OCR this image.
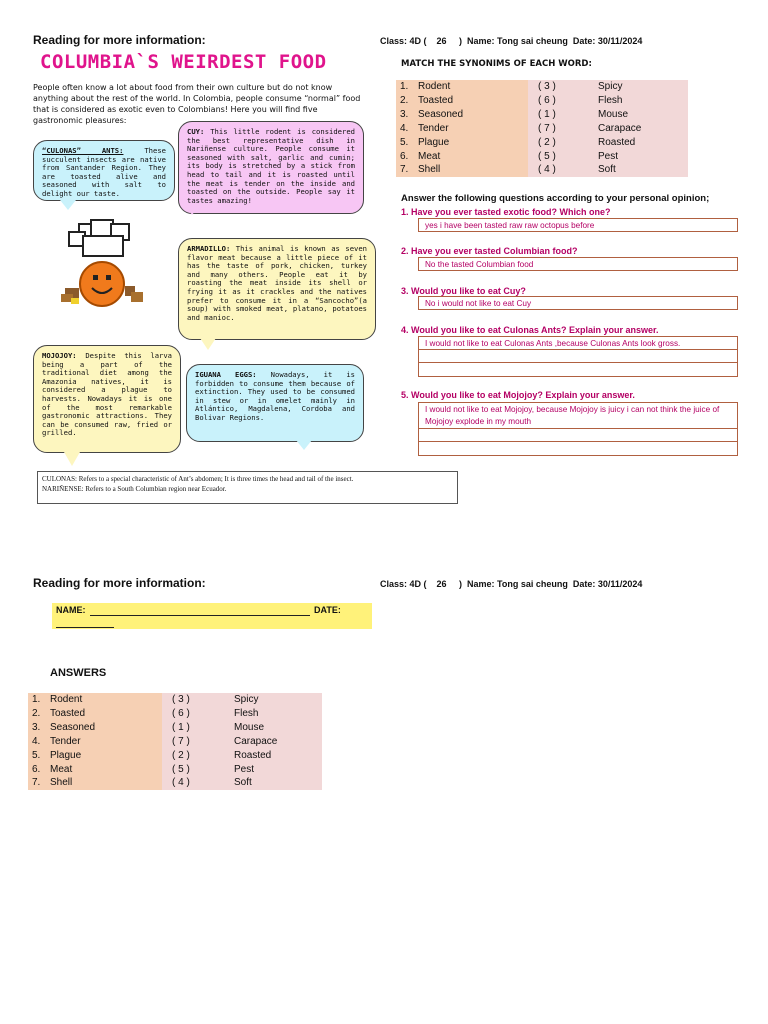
Reading for more information:	Class: 4D (    26     )  Name: Tong sai cheung  Date: 30/11/2024
COLUMBIA`S WEIRDEST FOOD
People often know a lot about food from their own culture but do not know anything about the rest of the world. In Colombia, people consume “normal” food that is considered as exotic even to Colombians! Here you will find five gastronomic pleasures:
“CULONAS” ANTS:	These succulent insects are native from Santander Region. They are toasted alive and seasoned with salt to delight our taste.
CUY: This little rodent is considered the best representative dish in Nariñense culture. People consume it seasoned with salt, garlic and cumin; its body is stretched by a stick from head to tail and it is roasted until the meat is tender on the inside and toasted on the outside. People say it tastes amazing!
ARMADILLO: This animal is known as seven flavor meat because a little piece of it has the taste of pork, chicken, turkey and many others. People eat it by roasting the meat inside its shell or frying it as it crackles and the natives prefer to consume it in a “Sancocho”(a soup) with smoked meat, platano, potatoes and manioc.
MOJOJOY: Despite this larva being a part of the traditional diet among the Amazonia natives, it is considered a plague to harvests. Nowadays it is one of the most remarkable gastronomic attractions. They can be consumed raw, fried or grilled.
IGUANA EGGS: Nowadays, it is forbidden to consume them because of extinction. They used to be consumed in stew or in omelet mainly in Atlántico, Magdalena, Cordoba and Bolivar Regions.
CULONAS: Refers to a special characteristic of Ant’s abdomen; It is three times the head and tail of the insect.
NARIÑENSE: Refers to a South Columbian region near Ecuador.
MATCH THE SYNONIMS OF EACH WORD:
1.	Rodent	( 3 )	Spicy
2.	Toasted	( 6 )	Flesh
3.	Seasoned	( 1 )	Mouse
4.	Tender	( 7 )	Carapace
5.	Plague	( 2 )	Roasted
6.	Meat	( 5 )	Pest
7.	Shell	( 4 )	Soft
Answer the following questions according to your personal opinion;
1. Have you ever tasted exotic food? Which one?
yes i have been tasted raw raw octopus before
2. Have you ever tasted Columbian food?
No the tasted Columbian food
3. Would you like to eat Cuy?
No i would not like to eat Cuy
4. Would you like to eat Culonas Ants? Explain your answer.
I would not like to eat Culonas Ants ,because Culonas Ants look gross.
5. Would you like to eat Mojojoy? Explain your answer.
I would not like to eat Mojojoy, because Mojojoy is juicy i can not think the juice of Mojojoy explode in my mouth
Reading for more information:	Class: 4D (    26     )  Name: Tong sai cheung  Date: 30/11/2024
NAME:	DATE:
ANSWERS
1.	Rodent	( 3 )	Spicy
2.	Toasted	( 6 )	Flesh
3.	Seasoned	( 1 )	Mouse
4.	Tender	( 7 )	Carapace
5.	Plague	( 2 )	Roasted
6.	Meat	( 5 )	Pest
7.	Shell	( 4 )	Soft
